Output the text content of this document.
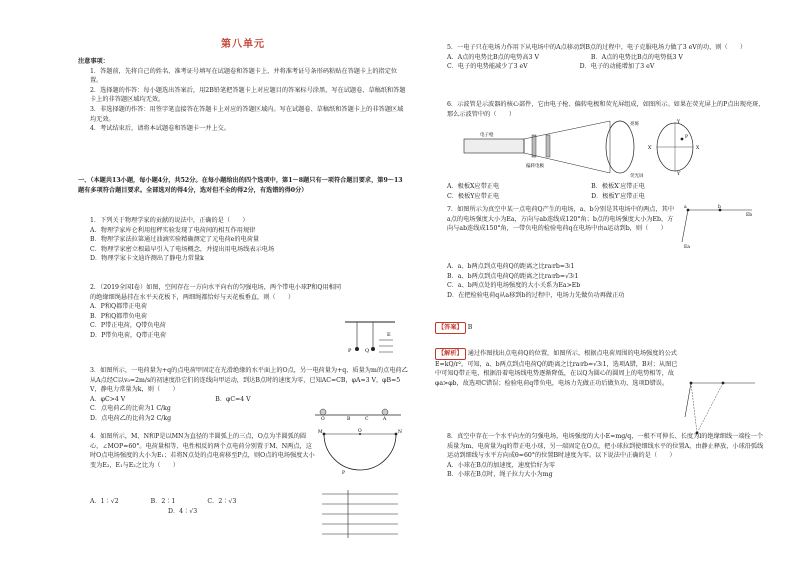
第八单元
注意事项：
1．答题前，先将自己的姓名、准考证号填写在试题卷和答题卡上，并将准考证号条形码粘贴在答题卡上的指定位置。
2．选择题的作答：每小题选出答案后，用2B铅笔把答题卡上对应题目的答案标号涂黑，写在试题卷、草稿纸和答题卡上的非答题区域均无效。
3．非选择题的作答：用签字笔直接答在答题卡上对应的答题区域内。写在试题卷、草稿纸和答题卡上的非答题区域均无效。
4．考试结束后，请将本试题卷和答题卡一并上交。
一、（本题共13小题，每小题4分，共52分。在每小题给出的四个选项中，第1～8题只有一项符合题目要求，第9～13题有多项符合题目要求。全部选对的得4分，选对但不全的得2分，有选错的得0分）
1．下列关于物理学家的贡献的说法中，正确的是（　　）
A．物理学家库仑利用扭秤实验发现了电荷间的相互作用规律
B．物理学家法拉第通过油滴实验精确测定了元电荷e的电荷量
C．物理学家密立根最早引入了电场概念，并提出用电场线表示电场
D．物理学家卡文迪许测出了静电力常量k
2．（2019全国Ⅰ卷）如图，空间存在一方向水平向右的匀强电场，两个带电小球P和Q用相同的绝缘细绳悬挂在水平天花板下，两细绳都恰好与天花板垂直，则（　　）
A．P和Q都带正电荷
B．P和Q都带负电荷
C．P带正电荷，Q带负电荷
D．P带负电荷，Q带正电荷
P	Q
E
3．如图所示，一电荷量为+q的点电荷甲固定在光滑绝缘的水平面上的O点，另一电荷量为+q、质量为m的点电荷乙从A点经C以v₀=2m/s的初速度沿它们的连线向甲运动，到达B点时的速度为零，已知AC=CB，φA=3 V，φB=5 V，静电力常量为k，则（　　）
A．φC>4 V	B．φC=4 V
C．点电荷乙的比荷为1 C/kg
D．点电荷乙的比荷为2 C/kg	O	B	C	A
4．如图所示，M、N和P是以MN为直径的半圆弧上的三点，O点为半圆弧的圆心，∠MOP=60°。电荷量相等、电性相反的两个点电荷分别置于M、N两点，这时O点电场强度的大小为E₁；若将N点处的点电荷移至P点，则O点的电场强度大小变为E₂，E₁与E₂之比为（　　）
A．1∶√2	B．2∶1	C．2∶√3
D．4∶√3
M	O	N
P
5．一电子只在电场力作用下从电场中的A点移动到B点的过程中，电子克服电场力做了3 eV的功，则（　　）
A．A点的电势比B点的电势高3 V	B．A点的电势比B点的电势低3 V
C．电子的电势能减少了3 eV	D．电子的动能增加了3 eV
6．示波管是示波器的核心部件，它由电子枪、偏转电极和荧光屏组成，如图所示。如果在荧光屏上的P点出现亮斑，那么示波管中的（　　）
电子枪
偏转电极
亮斑
荧光屏
X
Y
X′
Y′
P
A．极板X应带正电	B．极板X′应带正电
C．极板Y应带正电	D．极板Y′应带正电
7．如图所示为真空中某一点电荷Q产生的电场，a、b分别是其电场中的两点，其中a点的电场强度大小为Ea，方向与ab连线成120°角；b点的电场强度大小为Eb，方向与ab连线成150°角，一带负电的检验电荷q在电场中由a运动到b，则（　　）
a	b
Ea
Eb
A．a、b两点到点电荷Q的距离之比ra∶rb=3∶1
B．a、b两点到点电荷Q的距离之比ra∶rb=√3∶1
C．a、b两点处的电场强度的大小关系为Ea>Eb
D．在把检验电荷q从a移到b的过程中，电场力先做负功再做正功
【答案】 B
【解析】 通过作图找出点电荷Q的位置，如图所示，根据点电荷周围的电场强度的公式E=kQ/r²，可知，a、b两点到点电荷Q的距离之比ra∶rb=√3∶1，选项A错，B对；从图已中可知Q带正电，根据沿着电场线电势逐渐降低，在以Q为圆心的圆周上的电势相等，故φa>φb，故选项C错误；检验电荷q带负电，电场力先做正功后做负功，选项D错误。
8．真空中存在一个水平向左的匀强电场，电场强度的大小E=mg/q，一根不可伸长、长度为l的绝缘细线一端拴一个质量为m、电荷量为q的带正电小球，另一端固定在O点，把小球拉到使细线水平的位置A，由静止释放，小球沿弧线运动到细线与水平方向成θ=60°的位置B时速度为零。以下说法中正确的是（　　）
A．小球在B点的加速度，速度恰好为零
B．小球在B点时，绳子拉力大小为mg
